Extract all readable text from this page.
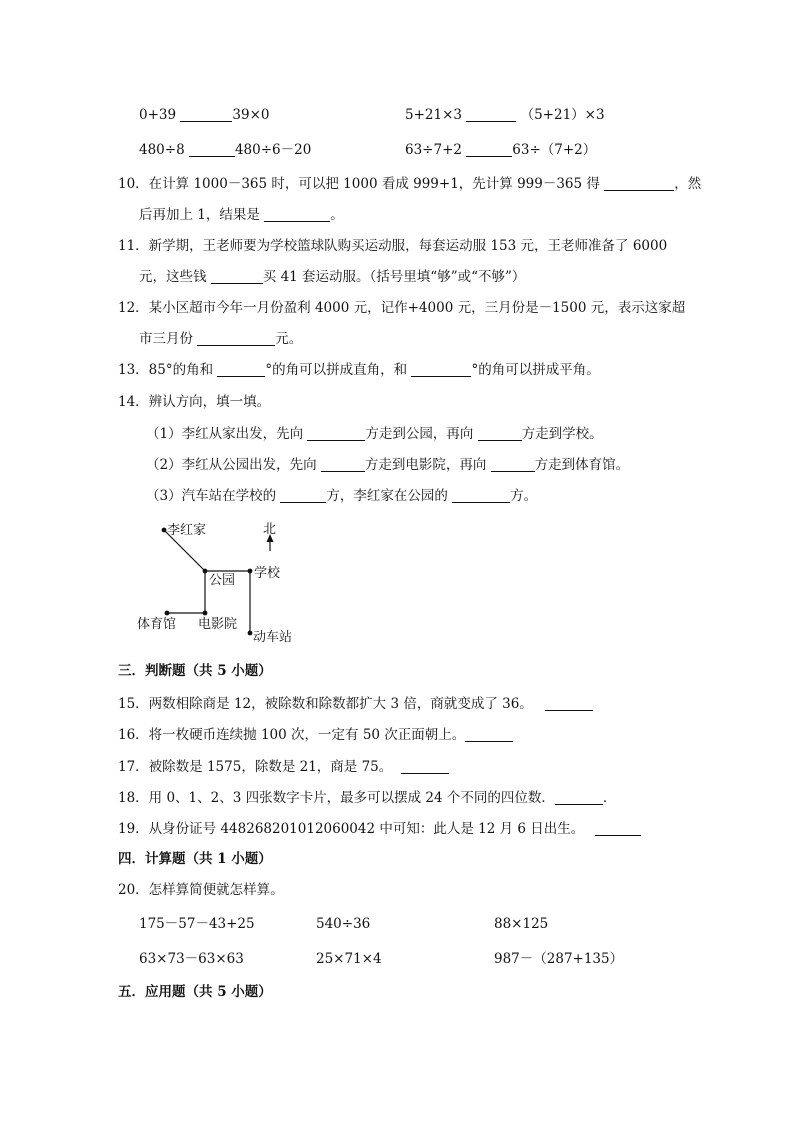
0+39	39×0	5+21×3	（5+21）×3
480÷8	480÷6－20	63÷7+2	63÷（7+2）
10．在计算 1000－365 时，可以把 1000 看成 999+1，先计算 999－365 得	，然
后再加上 1，结果是	。
11．新学期，王老师要为学校篮球队购买运动服，每套运动服 153 元，王老师准备了 6000
元，这些钱	买 41 套运动服。（括号里填“够”或“不够”）
12．某小区超市今年一月份盈利 4000 元，记作+4000 元，三月份是－1500 元，表示这家超
市三月份	元。
13．85°的角和	°的角可以拼成直角，和	°的角可以拼成平角。
14．辨认方向，填一填。
（1）李红从家出发，先向	方走到公园，再向	方走到学校。
（2）李红从公园出发，先向	方走到电影院，再向	方走到体育馆。
（3）汽车站在学校的	方，李红家在公园的	方。
李红家	北
公园 学校
体育馆 电影院
动车站
三．判断题（共 5 小题）
15．两数相除商是 12，被除数和除数都扩大 3 倍，商就变成了 36。
16．将一枚硬币连续抛 100 次，一定有 50 次正面朝上。
17．被除数是 1575，除数是 21，商是 75。
18．用 0、1、2、3 四张数字卡片，最多可以摆成 24 个不同的四位数．	．
19．从身份证号 448268201012060042 中可知：此人是 12 月 6 日出生。
四．计算题（共 1 小题）
20．怎样算简便就怎样算。
175－57－43+25	540÷36	88×125
63×73－63×63	25×71×4	987－（287+135）
五．应用题（共 5 小题）
